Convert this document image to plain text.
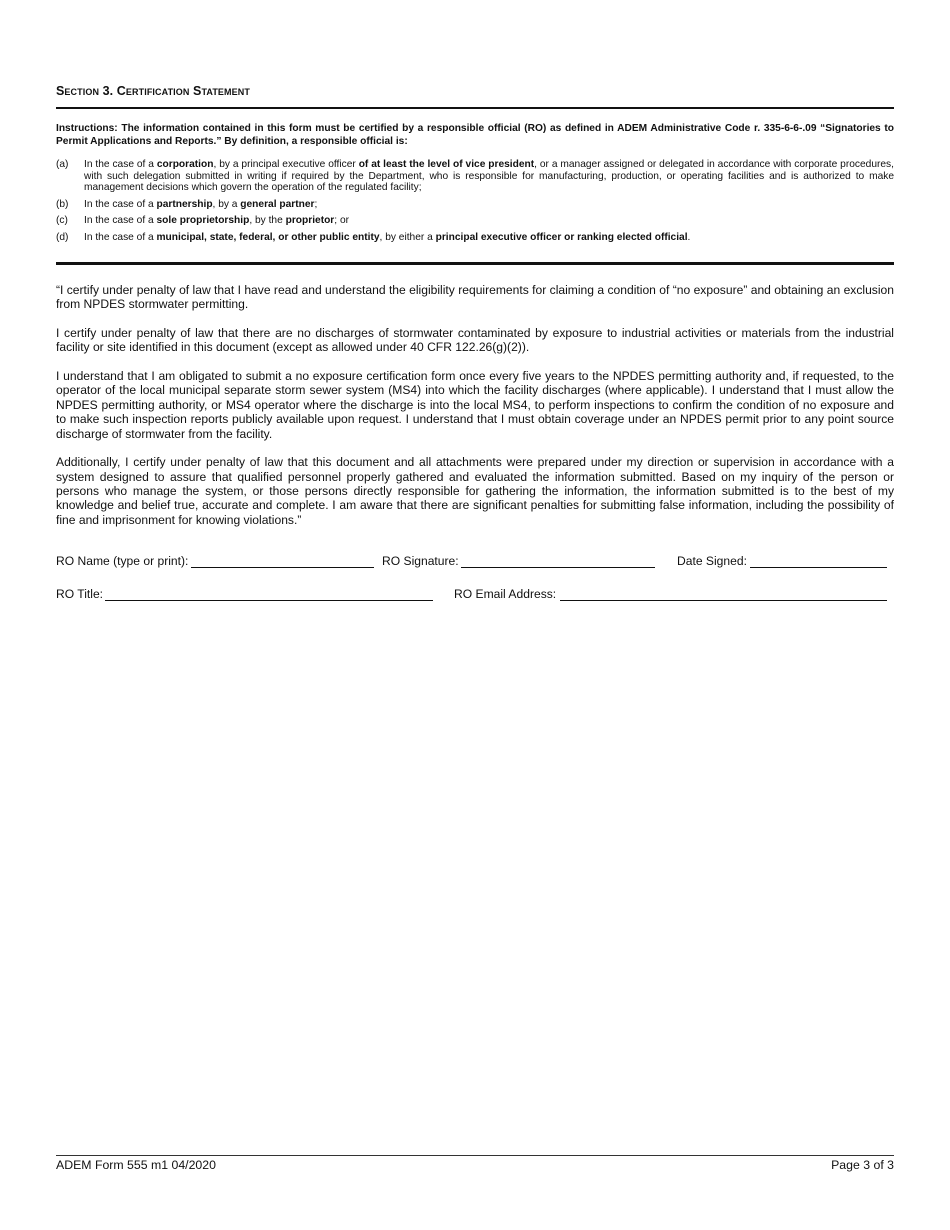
Section 3. Certification Statement
Instructions: The information contained in this form must be certified by a responsible official (RO) as defined in ADEM Administrative Code r. 335-6-6-.09 “Signatories to Permit Applications and Reports.” By definition, a responsible official is:
(a)	In the case of a corporation, by a principal executive officer of at least the level of vice president, or a manager assigned or delegated in accordance with corporate procedures, with such delegation submitted in writing if required by the Department, who is responsible for manufacturing, production, or operating facilities and is authorized to make management decisions which govern the operation of the regulated facility;
(b)	In the case of a partnership, by a general partner;
(c)	In the case of a sole proprietorship, by the proprietor; or
(d)	In the case of a municipal, state, federal, or other public entity, by either a principal executive officer or ranking elected official.

“I certify under penalty of law that I have read and understand the eligibility requirements for claiming a condition of “no exposure” and obtaining an exclusion from NPDES stormwater permitting.

I certify under penalty of law that there are no discharges of stormwater contaminated by exposure to industrial activities or materials from the industrial facility or site identified in this document (except as allowed under 40 CFR 122.26(g)(2)).

I understand that I am obligated to submit a no exposure certification form once every five years to the NPDES permitting authority and, if requested, to the operator of the local municipal separate storm sewer system (MS4) into which the facility discharges (where applicable). I understand that I must allow the NPDES permitting authority, or MS4 operator where the discharge is into the local MS4, to perform inspections to confirm the condition of no exposure and to make such inspection reports publicly available upon request. I understand that I must obtain coverage under an NPDES permit prior to any point source discharge of stormwater from the facility.

Additionally, I certify under penalty of law that this document and all attachments were prepared under my direction or supervision in accordance with a system designed to assure that qualified personnel properly gathered and evaluated the information submitted. Based on my inquiry of the person or persons who manage the system, or those persons directly responsible for gathering the information, the information submitted is to the best of my knowledge and belief true, accurate and complete. I am aware that there are significant penalties for submitting false information, including the possibility of fine and imprisonment for knowing violations.”

RO Name (type or print):	RO Signature:	Date Signed:
RO Title:	RO Email Address:
ADEM Form 555 m1 04/2020	Page 3 of 3
